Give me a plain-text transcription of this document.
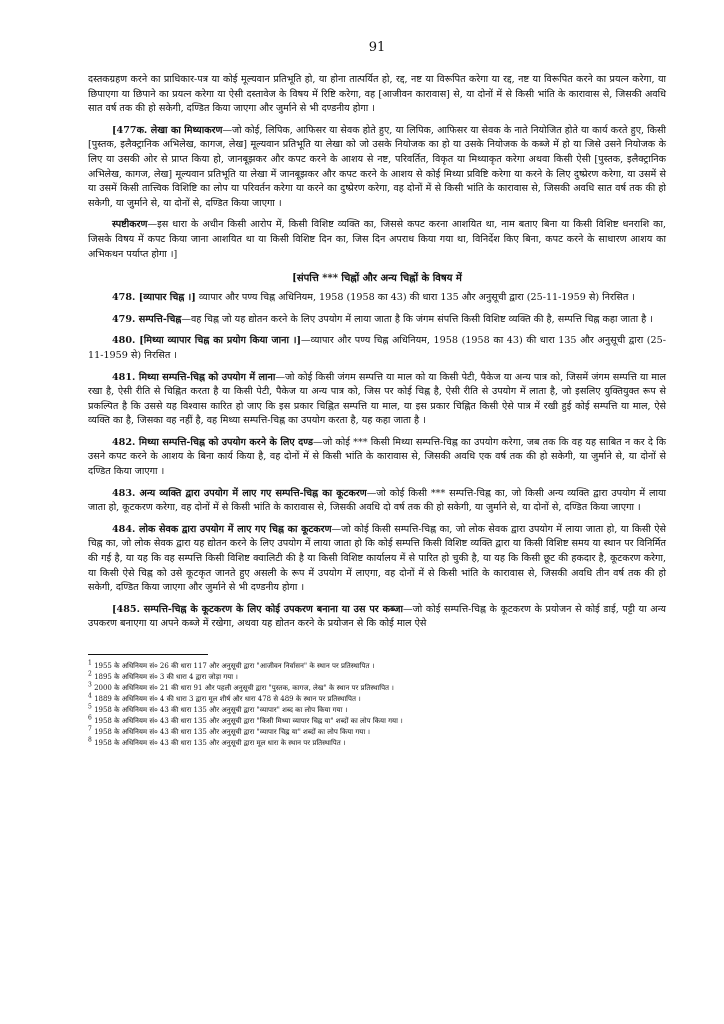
91

दस्तकग्रहण करने का प्राधिकार-पत्र या कोई मूल्यवान प्रतिभूति हो, या होना तात्पर्यित हो, रद्द, नष्ट या विरूपित करेगा या रद्द, नष्ट या विरूपित करने का प्रयत्न करेगा, या छिपाएगा या छिपाने का प्रयत्न करेगा या ऐसी दस्तावेज के विषय में रिष्टि करेगा, वह [आजीवन कारावास] से, या दोनों में से किसी भांति के कारावास से, जिसकी अवधि सात वर्ष तक की हो सकेगी, दण्डित किया जाएगा और जुर्माने से भी दण्डनीय होगा ।

[477क. लेखा का मिथ्याकरण—जो कोई, लिपिक, आफिसर या सेवक होते हुए, या लिपिक, आफिसर या सेवक के नाते नियोजित होते या कार्य करते हुए, किसी [पुस्तक, इलैक्ट्रानिक अभिलेख, कागज, लेख] मूल्यवान प्रतिभूति या लेखा को जो उसके नियोजक का हो या उसके नियोजक के कब्जे में हो या जिसे उसने नियोजक के लिए या उसकी ओर से प्राप्त किया हो, जानबूझकर और कपट करने के आशय से नष्ट, परिवर्तित, विकृत या मिथ्याकृत करेगा अथवा किसी ऐसी [पुस्तक, इलैक्ट्रानिक अभिलेख, कागज, लेख] मूल्यवान प्रतिभूति या लेखा में जानबूझकर और कपट करने के आशय से कोई मिथ्या प्रविष्टि करेगा या करने के लिए दुष्प्रेरण करेगा, या उसमें से या उसमें किसी तात्त्विक विशिष्टि का लोप या परिवर्तन करेगा या करने का दुष्प्रेरण करेगा, वह दोनों में से किसी भांति के कारावास से, जिसकी अवधि सात वर्ष तक की हो सकेगी, या जुर्माने से, या दोनों से, दण्डित किया जाएगा ।

स्पष्टीकरण—इस धारा के अधीन किसी आरोप में, किसी विशिष्ट व्यक्ति का, जिससे कपट करना आशयित था, नाम बताए बिना या किसी विशिष्ट धनराशि का, जिसके विषय में कपट किया जाना आशयित था या किसी विशिष्ट दिन का, जिस दिन अपराध किया गया था, विनिर्देश किए बिना, कपट करने के साधारण आशय का अभिकथन पर्याप्त होगा ।]

[संपत्ति *** चिह्नों और अन्य चिह्नों के विषय में

478. [व्यापार चिह्न ।] व्यापार और पण्य चिह्न अधिनियम, 1958 (1958 का 43) की धारा 135 और अनुसूची द्वारा (25-11-1959 से) निरसित ।

479. सम्पत्ति-चिह्न—वह चिह्न जो यह द्योतन करने के लिए उपयोग में लाया जाता है कि जंगम संपत्ति किसी विशिष्ट व्यक्ति की है, सम्पत्ति चिह्न कहा जाता है ।

480. [मिथ्या व्यापार चिह्न का प्रयोग किया जाना ।]—व्यापार और पण्य चिह्न अधिनियम, 1958 (1958 का 43) की धारा 135 और अनुसूची द्वारा (25-11-1959 से) निरसित ।

481. मिथ्या सम्पत्ति-चिह्न को उपयोग में लाना—जो कोई किसी जंगम सम्पत्ति या माल को या किसी पेटी, पैकेज या अन्य पात्र को, जिसमें जंगम सम्पत्ति या माल रखा है, ऐसी रीति से चिह्नित करता है या किसी पेटी, पैकेज या अन्य पात्र को, जिस पर कोई चिह्न है, ऐसी रीति से उपयोग में लाता है, जो इसलिए युक्तियुक्त रूप से प्रकल्पित है कि उससे यह विश्वास कारित हो जाए कि इस प्रकार चिह्नित सम्पत्ति या माल, या इस प्रकार चिह्नित किसी ऐसे पात्र में रखी हुई कोई सम्पत्ति या माल, ऐसे व्यक्ति का है, जिसका वह नहीं है, वह मिथ्या सम्पत्ति-चिह्न का उपयोग करता है, यह कहा जाता है ।

482. मिथ्या सम्पत्ति-चिह्न को उपयोग करने के लिए दण्ड—जो कोई *** किसी मिथ्या सम्पत्ति-चिह्न का उपयोग करेगा, जब तक कि वह यह साबित न कर दे कि उसने कपट करने के आशय के बिना कार्य किया है, वह दोनों में से किसी भांति के कारावास से, जिसकी अवधि एक वर्ष तक की हो सकेगी, या जुर्माने से, या दोनों से दण्डित किया जाएगा ।

483. अन्य व्यक्ति द्वारा उपयोग में लाए गए सम्पत्ति-चिह्न का कूटकरण—जो कोई किसी *** सम्पत्ति-चिह्न का, जो किसी अन्य व्यक्ति द्वारा उपयोग में लाया जाता हो, कूटकरण करेगा, वह दोनों में से किसी भांति के कारावास से, जिसकी अवधि दो वर्ष तक की हो सकेगी, या जुर्माने से, या दोनों से, दण्डित किया जाएगा ।

484. लोक सेवक द्वारा उपयोग में लाए गए चिह्न का कूटकरण—जो कोई किसी सम्पत्ति-चिह्न का, जो लोक सेवक द्वारा उपयोग में लाया जाता हो, या किसी ऐसे चिह्न का, जो लोक सेवक द्वारा यह द्योतन करने के लिए उपयोग में लाया जाता हो कि कोई सम्पत्ति किसी विशिष्ट व्यक्ति द्वारा या किसी विशिष्ट समय या स्थान पर विनिर्मित की गई है, या यह कि वह सम्पत्ति किसी विशिष्ट क्वालिटी की है या किसी विशिष्ट कार्यालय में से पारित हो चुकी है, या यह कि किसी छूट की हकदार है, कूटकरण करेगा, या किसी ऐसे चिह्न को उसे कूटकृत जानते हुए असली के रूप में उपयोग में लाएगा, वह दोनों में से किसी भांति के कारावास से, जिसकी अवधि तीन वर्ष तक की हो सकेगी, दण्डित किया जाएगा और जुर्माने से भी दण्डनीय होगा ।

[485. सम्पत्ति-चिह्न के कूटकरण के लिए कोई उपकरण बनाना या उस पर कब्जा—जो कोई सम्पत्ति-चिह्न के कूटकरण के प्रयोजन से कोई डाई, पट्टी या अन्य उपकरण बनाएगा या अपने कब्जे में रखेगा, अथवा यह द्योतन करने के प्रयोजन से कि कोई माल ऐसे

$^1$ 1955 के अधिनियम सं० 26 की धारा 117 और अनुसूची द्वारा "आजीवन निर्वासन" के स्थान पर प्रतिस्थापित ।

$^2$ 1895 के अधिनियम सं० 3 की धारा 4 द्वारा जोड़ा गया ।

$^3$ 2000 के अधिनियम सं० 21 की धारा 91 और पहली अनुसूची द्वारा "पुस्तक, कागज, लेख" के स्थान पर प्रतिस्थापित ।

$^4$ 1889 के अधिनियम सं० 4 की धारा 3 द्वारा मूल शीर्ष और धारा 478 से 489 के स्थान पर प्रतिस्थापित ।

$^5$ 1958 के अधिनियम सं० 43 की धारा 135 और अनुसूची द्वारा "व्यापार" शब्द का लोप किया गया ।

$^6$ 1958 के अधिनियम सं० 43 की धारा 135 और अनुसूची द्वारा "किसी मिथ्या व्यापार चिह्न या" शब्दों का लोप किया गया ।

$^7$ 1958 के अधिनियम सं० 43 की धारा 135 और अनुसूची द्वारा "व्यापार चिह्न या" शब्दों का लोप किया गया ।

$^8$ 1958 के अधिनियम सं० 43 की धारा 135 और अनुसूची द्वारा मूल धारा के स्थान पर प्रतिस्थापित ।
